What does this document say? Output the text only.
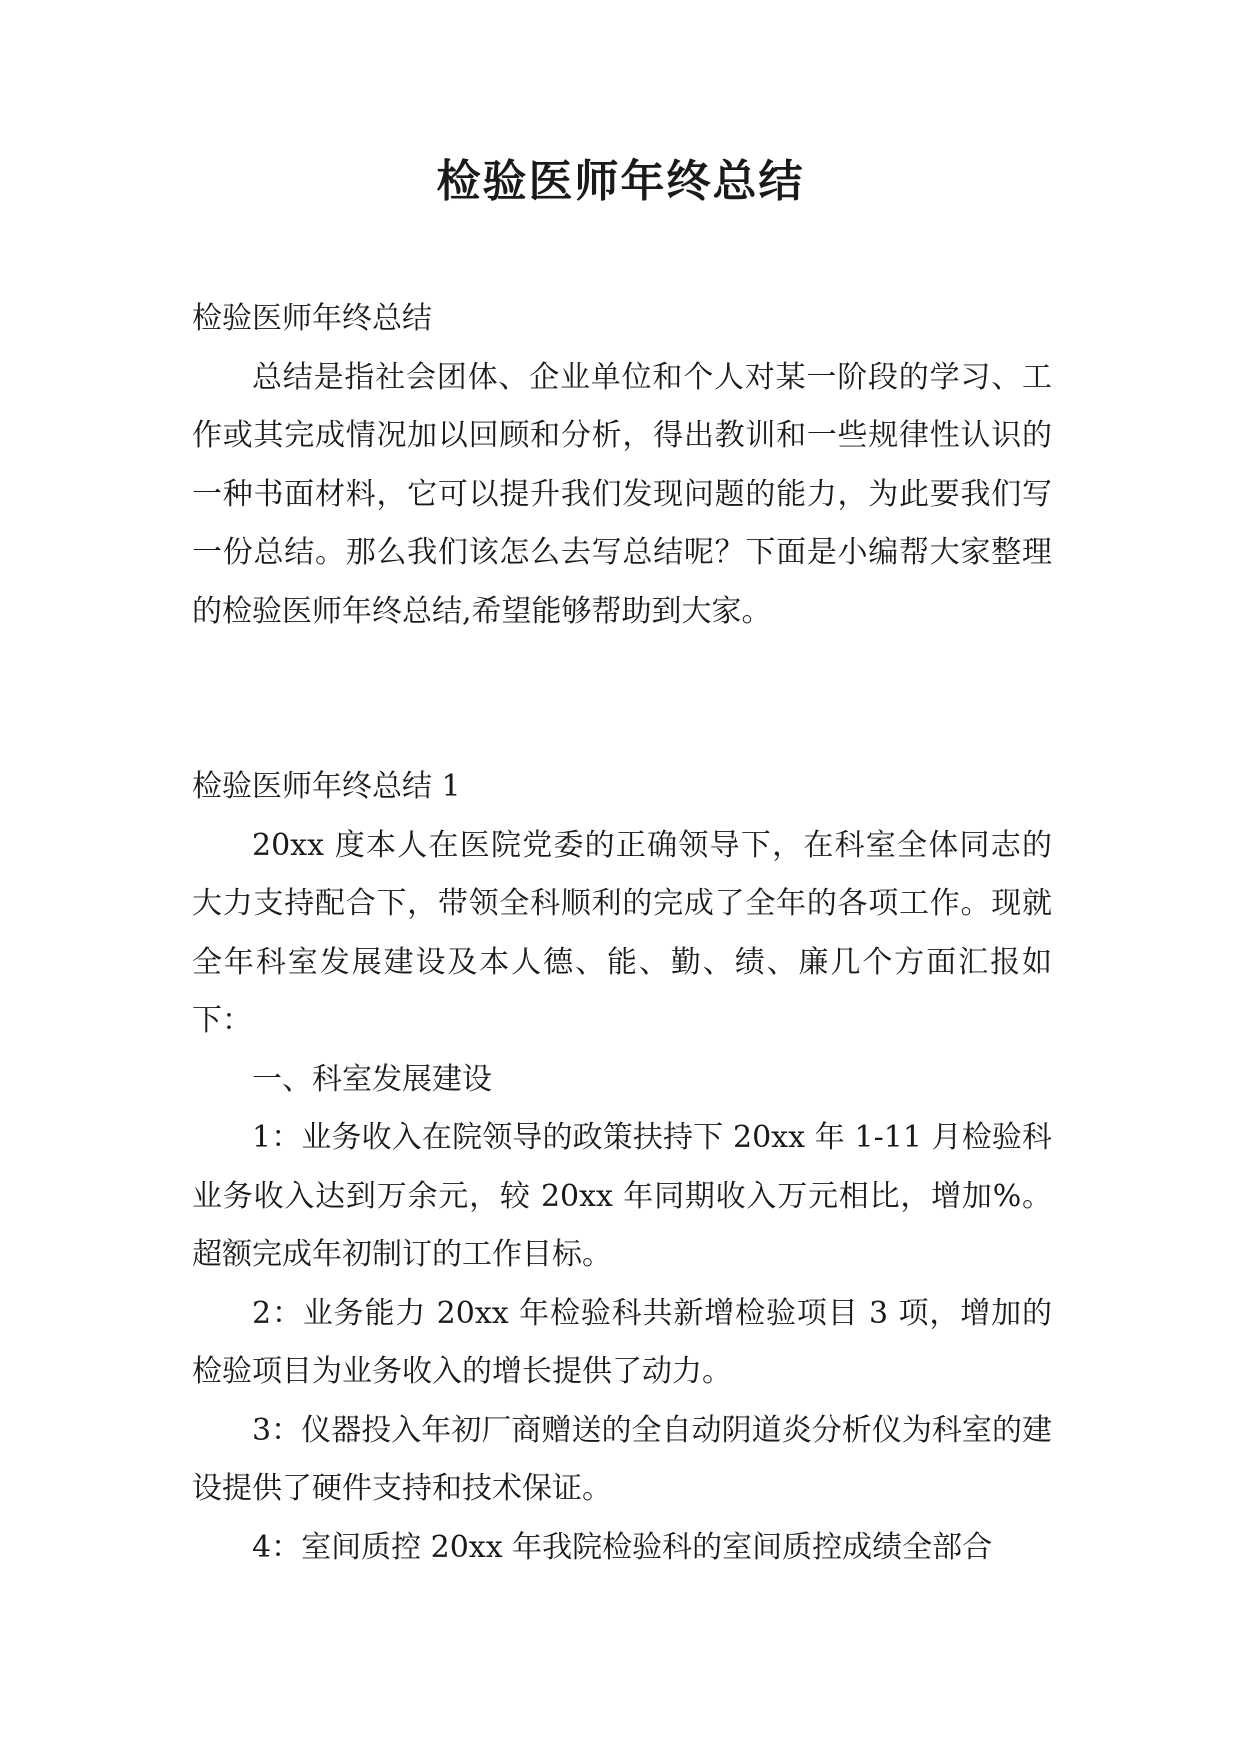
检验医师年终总结

检验医师年终总结

总结是指社会团体、企业单位和个人对某一阶段的学习、工作或其完成情况加以回顾和分析，得出教训和一些规律性认识的一种书面材料，它可以提升我们发现问题的能力，为此要我们写一份总结。那么我们该怎么去写总结呢？下面是小编帮大家整理的检验医师年终总结,希望能够帮助到大家。

检验医师年终总结 1

20xx 度本人在医院党委的正确领导下，在科室全体同志的大力支持配合下，带领全科顺利的完成了全年的各项工作。现就全年科室发展建设及本人德、能、勤、绩、廉几个方面汇报如下：

一、科室发展建设

1：业务收入在院领导的政策扶持下 20xx 年 1-11 月检验科业务收入达到万余元，较 20xx 年同期收入万元相比，增加%。超额完成年初制订的工作目标。

2：业务能力 20xx 年检验科共新增检验项目 3 项，增加的检验项目为业务收入的增长提供了动力。

3：仪器投入年初厂商赠送的全自动阴道炎分析仪为科室的建设提供了硬件支持和技术保证。

4：室间质控 20xx 年我院检验科的室间质控成绩全部合
